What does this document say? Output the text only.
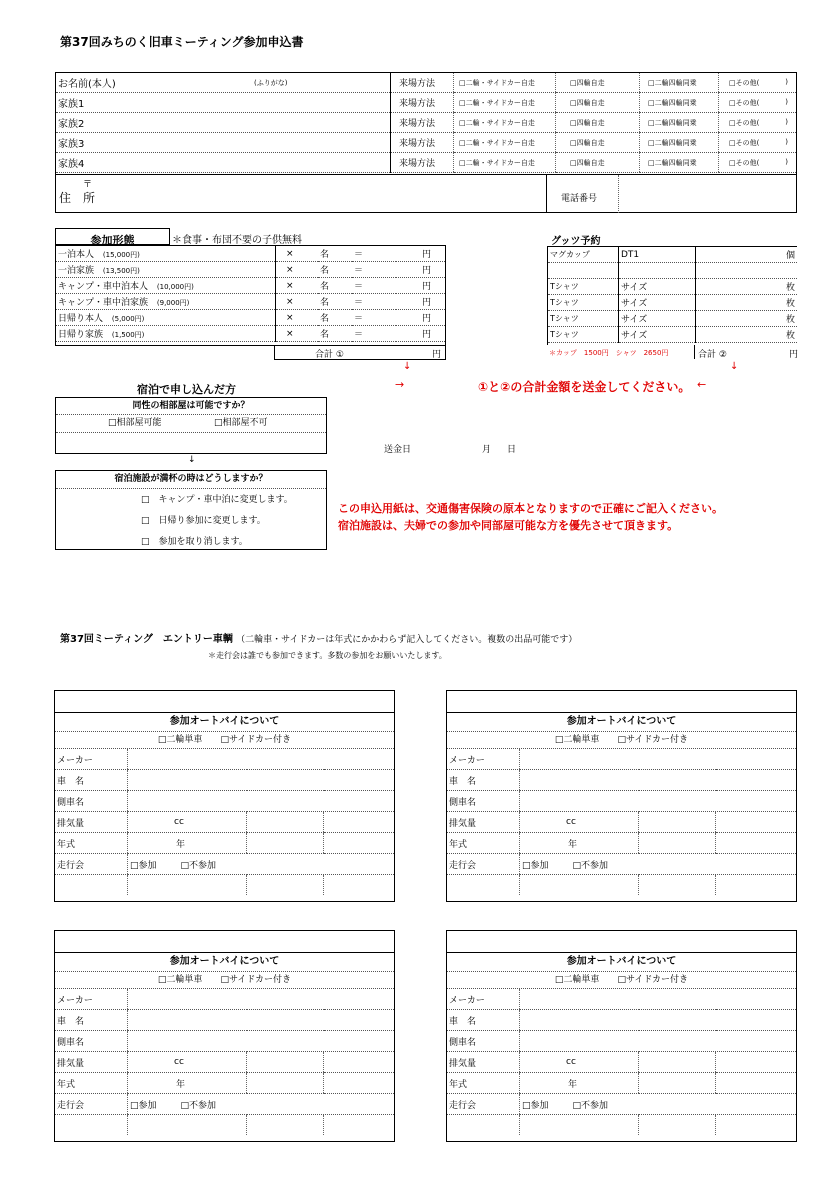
第37回みちのく旧車ミーティング参加申込書
お名前(本人) (ふりがな)	来場方法	□二輪・サイドカー自走	□四輪自走	□二輪四輪同乗	□その他( )

家族1	来場方法	□二輪・サイドカー自走	□四輪自走	□二輪四輪同乗	□その他( )

家族2	来場方法	□二輪・サイドカー自走	□四輪自走	□二輪四輪同乗	□その他( )

家族3	来場方法	□二輪・サイドカー自走	□四輪自走	□二輪四輪同乗	□その他( )

家族4	来場方法	□二輪・サイドカー自走	□四輪自走	□二輪四輪同乗	□その他( )
住　所
〒
電話番号
参加形態	＊食事・布団不要の子供無料
一泊本人 (15,000円)	×	名	＝	円
一泊家族 (13,500円)	×	名	＝	円
キャンプ・車中泊本人 (10,000円)	×	名	＝	円
キャンプ・車中泊家族 (9,000円)	×	名	＝	円
日帰り本人 (5,000円)	×	名	＝	円
日帰り家族 (1,500円)	×	名	＝	円
合計 ①	円
グッツ予約
マグカップ	DT1	個

Tシャツ	サイズ	枚
Tシャツ	サイズ	枚
Tシャツ	サイズ	枚
Tシャツ	サイズ	枚
＊カップ　1500円　シャツ　2650円	合計 ②	円
↓	↓
→	①と②の合計金額を送金してください。 ←
送金日	月 日
宿泊で申し込んだ方
同性の相部屋は可能ですか？
□相部屋可能	□相部屋不可
↓
宿泊施設が満杯の時はどうしますか？
□　キャンプ・車中泊に変更します。
□　日帰り参加に変更します。
□　参加を取り消します。
この申込用紙は、交通傷害保険の原本となりますので正確にご記入ください。
宿泊施設は、夫婦での参加や同部屋可能な方を優先させて頂きます。
第37回ミーティング　エントリー車輌 （二輪車・サイドカーは年式にかかわらず記入してください。複数の出品可能です）
＊走行会は誰でも参加できます。多数の参加をお願いいたします。
参加オートバイについて
□二輪単車　　 □サイドカー付き
メーカー			
車　名			
側車名			
排気量	cc		
年式	年		
走行会	□参加 □不参加		

参加オートバイについて
□二輪単車　　 □サイドカー付き
メーカー			
車　名			
側車名			
排気量	cc		
年式	年		
走行会	□参加 □不参加		

参加オートバイについて
□二輪単車　　 □サイドカー付き
メーカー			
車　名			
側車名			
排気量	cc		
年式	年		
走行会	□参加 □不参加		

参加オートバイについて
□二輪単車　　 □サイドカー付き
メーカー			
車　名			
側車名			
排気量	cc		
年式	年		
走行会	□参加 □不参加		
